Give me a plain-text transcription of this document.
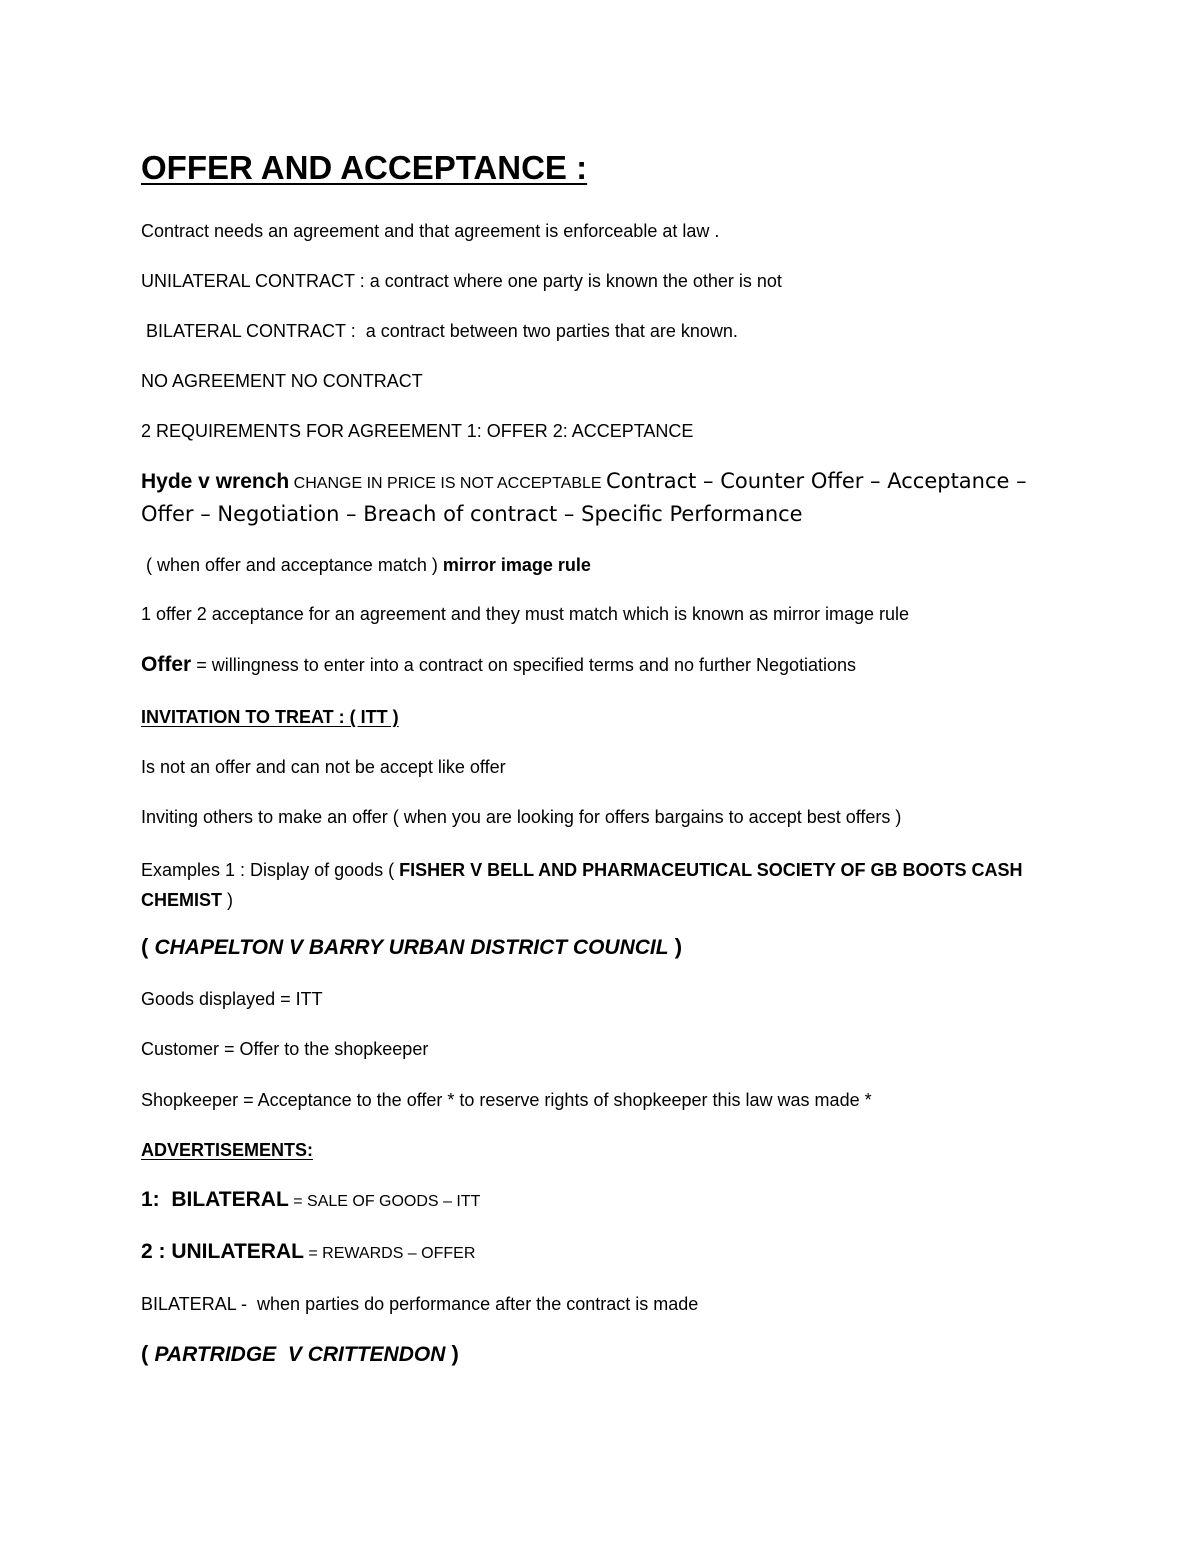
OFFER AND ACCEPTANCE :
Contract needs an agreement and that agreement is enforceable at law .
UNILATERAL CONTRACT : a contract where one party is known the other is not
BILATERAL CONTRACT :  a contract between two parties that are known.
NO AGREEMENT NO CONTRACT
2 REQUIREMENTS FOR AGREEMENT 1: OFFER 2: ACCEPTANCE
Hyde v wrench CHANGE IN PRICE IS NOT ACCEPTABLE Contract – Counter Offer – Acceptance – Offer – Negotiation – Breach of contract – Specific Performance
( when offer and acceptance match ) mirror image rule
1 offer 2 acceptance for an agreement and they must match which is known as mirror image rule
Offer = willingness to enter into a contract on specified terms and no further Negotiations
INVITATION TO TREAT : ( ITT )
Is not an offer and can not be accept like offer
Inviting others to make an offer ( when you are looking for offers bargains to accept best offers )
Examples 1 : Display of goods ( FISHER V BELL AND PHARMACEUTICAL SOCIETY OF GB BOOTS CASH CHEMIST )
( CHAPELTON V BARRY URBAN DISTRICT COUNCIL )
Goods displayed = ITT
Customer = Offer to the shopkeeper
Shopkeeper = Acceptance to the offer * to reserve rights of shopkeeper this law was made *
ADVERTISEMENTS:
1:  BILATERAL = SALE OF GOODS – ITT
2 : UNILATERAL = REWARDS – OFFER
BILATERAL -  when parties do performance after the contract is made
( PARTRIDGE  V CRITTENDON )
